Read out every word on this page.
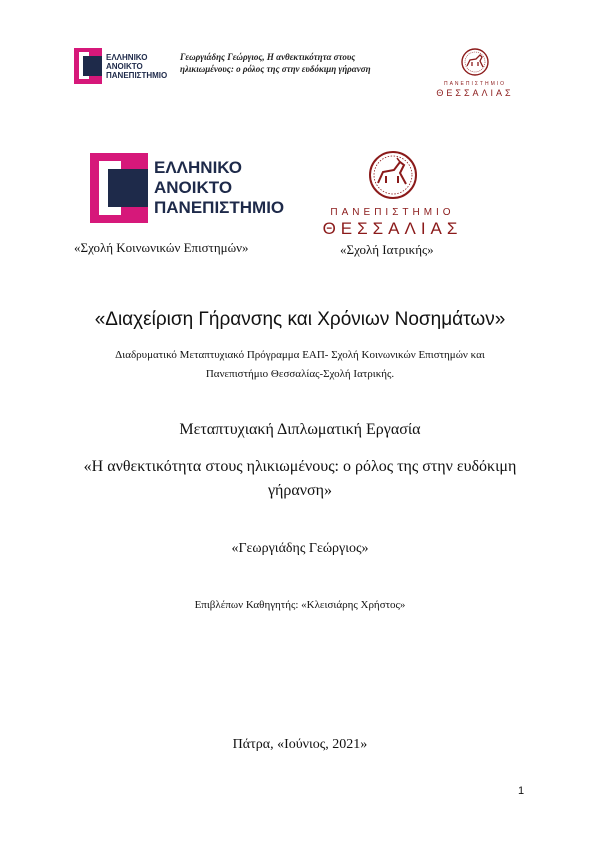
ΕΛΛΗΝΙΚΟ
ΑΝΟΙΚΤΟ
ΠΑΝΕΠΙΣΤΗΜΙΟ
Γεωργιάδης Γεώργιος, Η ανθεκτικότητα στους
ηλικιωμένους: ο ρόλος της στην ευδόκιμη γήρανση
ΠΑΝΕΠΙΣΤΗΜΙΟ
ΘΕΣΣΑΛΙΑΣ
ΕΛΛΗΝΙΚΟ
ΑΝΟΙΚΤΟ
ΠΑΝΕΠΙΣΤΗΜΙΟ	ΠΑΝΕΠΙΣΤΗΜΙΟ
ΘΕΣΣΑΛΙΑΣ
«Σχολή Κοινωνικών Επιστημών»	«Σχολή Ιατρικής»
«Διαχείριση Γήρανσης και Χρόνιων Νοσημάτων»
Διαδρυματικό Μεταπτυχιακό Πρόγραμμα ΕΑΠ- Σχολή Κοινωνικών Επιστημών και
Πανεπιστήμιο Θεσσαλίας-Σχολή Ιατρικής.
Μεταπτυχιακή Διπλωματική Εργασία
«Η ανθεκτικότητα στους ηλικιωμένους: ο ρόλος της στην ευδόκιμη
γήρανση»
«Γεωργιάδης Γεώργιος»
Επιβλέπων Καθηγητής: «Κλεισιάρης Χρήστος»
Πάτρα, «Ιούνιος, 2021»
1
